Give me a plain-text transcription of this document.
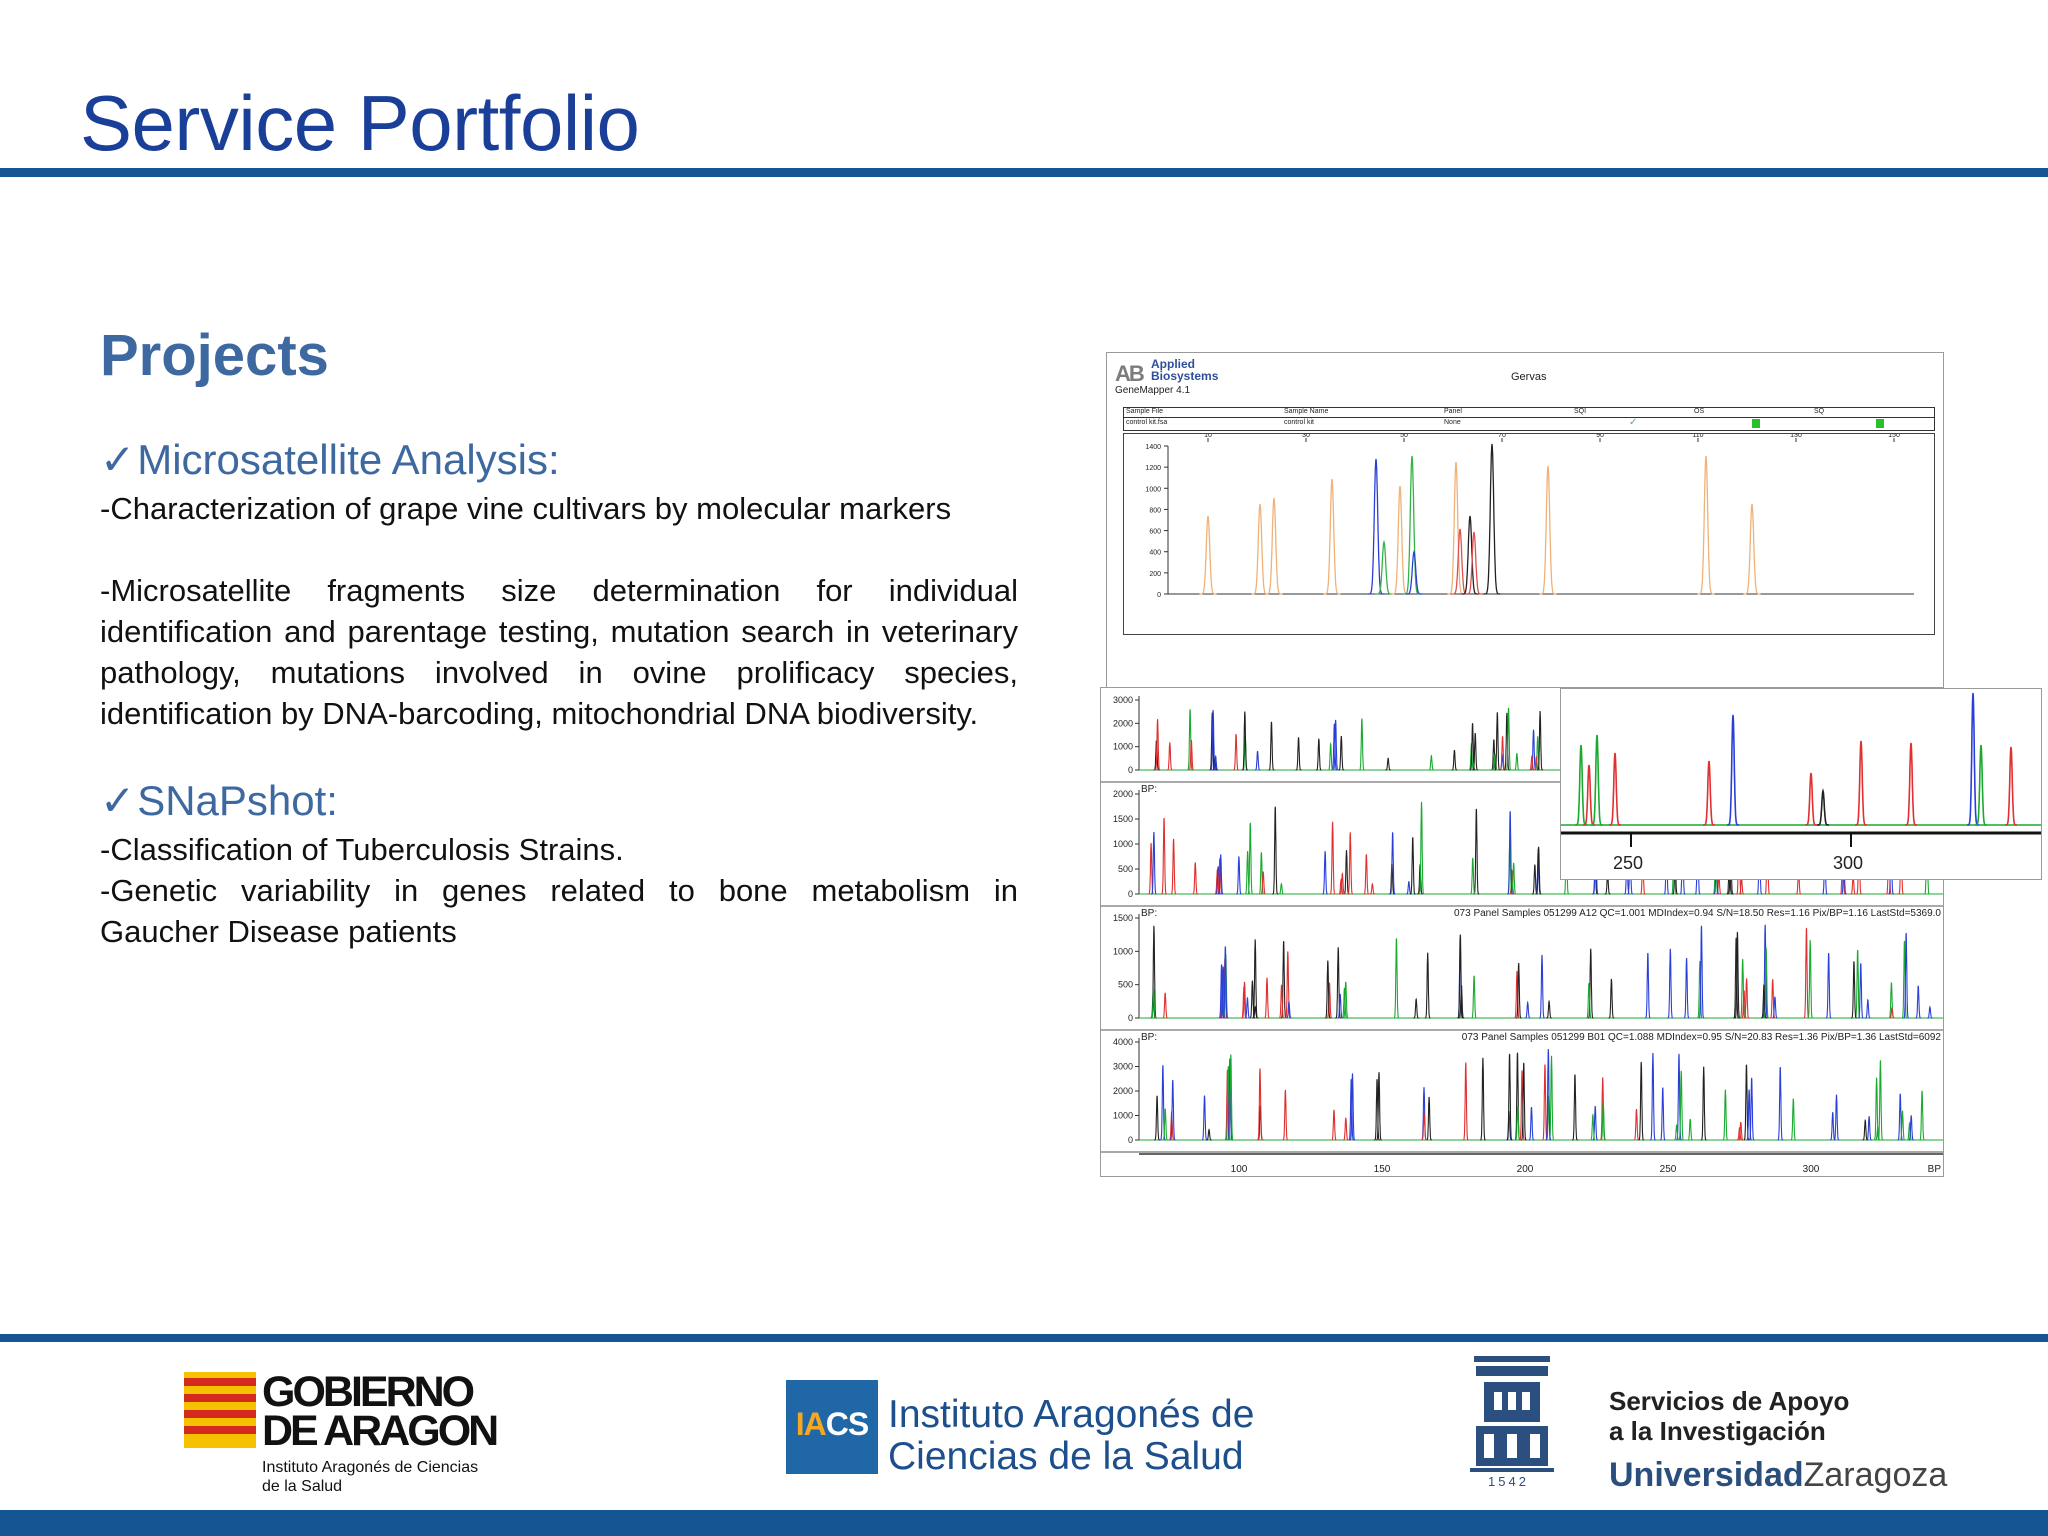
Service Portfolio
Projects

✓Microsatellite Analysis:

-Characterization of grape vine cultivars by molecular markers

-Microsatellite fragments size determination for individual identification and parentage testing, mutation search in veterinary pathology, mutations involved in ovine prolificacy species, identification by DNA-barcoding, mitochondrial DNA biodiversity.

✓SNaPshot:

-Classification of Tuberculosis Strains.

-Genetic variability in genes related to bone metabolism in Gaucher Disease patients

AB Applied Biosystems
GeneMapper 4.1
Gervas
Sample File	Sample Name	Panel	SQI	OS	SQ
control kit.fsa	control kit	None	✓
1400
1200
1000
800
600
400
200
0
10	30	50	70	90	110	130	150
3000
2000
1000
0
2000
1500
1000
500
0
BP:
1500
1000
500
0
BP:	073 Panel Samples 051299 A12 QC=1.001 MDIndex=0.94 S/N=18.50 Res=1.16 Pix/BP=1.16 LastStd=5369.0
4000
3000
2000
1000
0
BP:	073 Panel Samples 051299 B01 QC=1.088 MDIndex=0.95 S/N=20.83 Res=1.36 Pix/BP=1.36 LastStd=6092
100	150	200	250	300	BP
250	300
GOBIERNO
DE ARAGON
Instituto Aragonés de Ciencias de la Salud
IACS Instituto Aragonés de
Ciencias de la Salud
1542
Servicios de Apoyo
a la Investigación
UniversidadZaragoza
